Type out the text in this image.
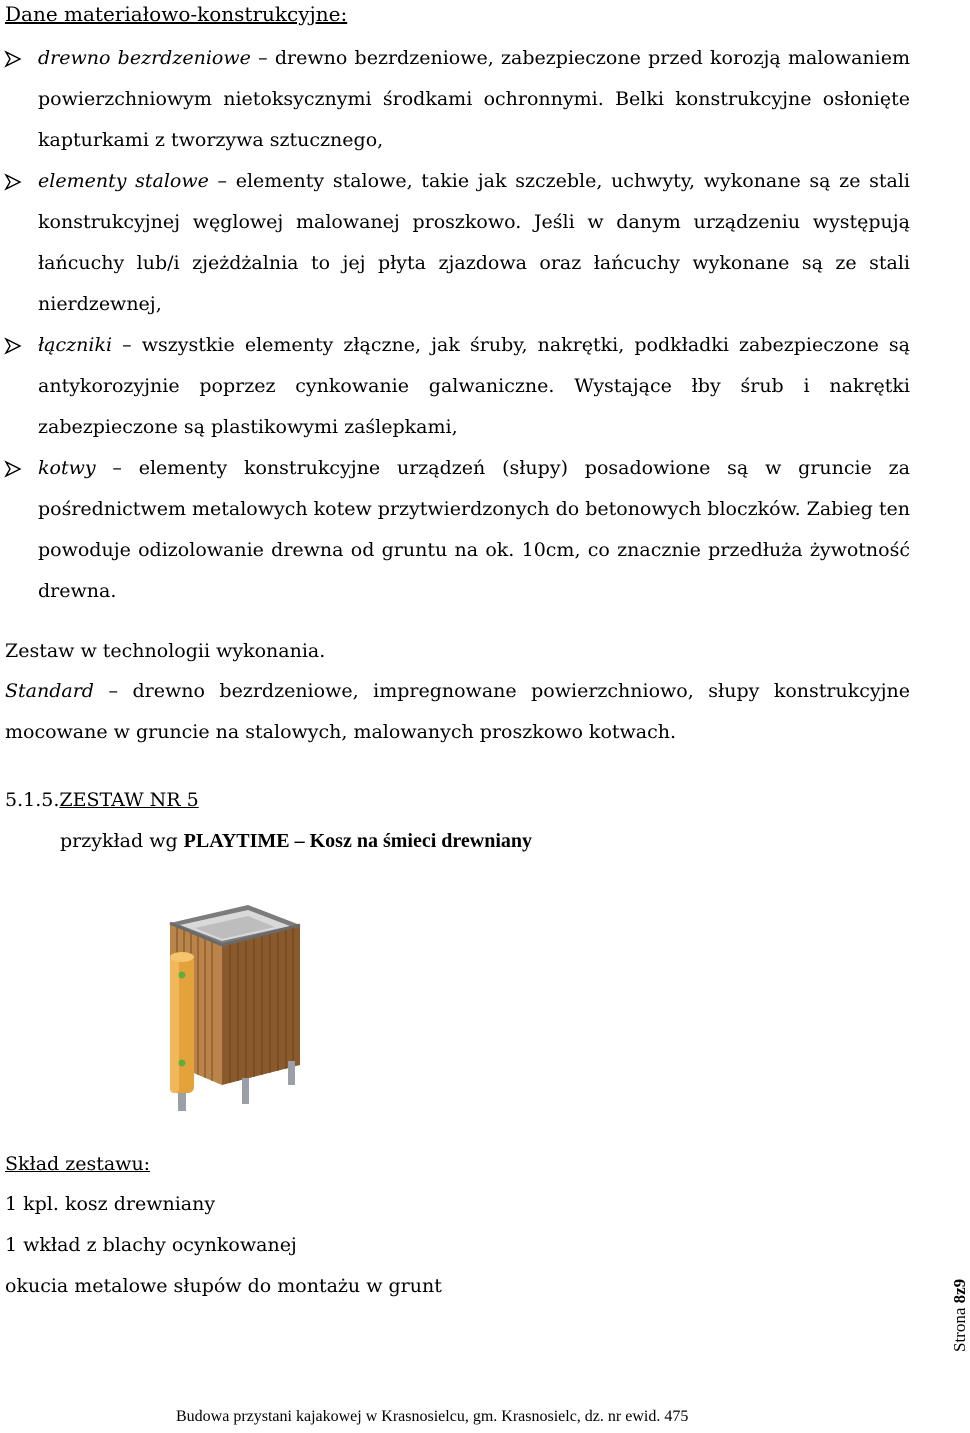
Dane materiałowo-konstrukcyjne:
drewno bezrdzeniowe – drewno bezrdzeniowe, zabezpieczone przed korozją malowaniem powierzchniowym nietoksycznymi środkami ochronnymi. Belki konstrukcyjne osłonięte kapturkami z tworzywa sztucznego,
elementy stalowe – elementy stalowe, takie jak szczeble, uchwyty, wykonane są ze stali konstrukcyjnej węglowej malowanej proszkowo. Jeśli w danym urządzeniu występują łańcuchy lub/i zjeżdżalnia to jej płyta zjazdowa oraz łańcuchy wykonane są ze stali nierdzewnej,
łączniki – wszystkie elementy złączne, jak śruby, nakrętki, podkładki zabezpieczone są antykorozyjnie poprzez cynkowanie galwaniczne. Wystające łby śrub i nakrętki zabezpieczone są plastikowymi zaślepkami,
kotwy – elementy konstrukcyjne urządzeń (słupy) posadowione są w gruncie za pośrednictwem metalowych kotew przytwierdzonych do betonowych bloczków. Zabieg ten powoduje odizolowanie drewna od gruntu na ok. 10cm, co znacznie przedłuża żywotność drewna.
Zestaw w technologii wykonania.

Standard – drewno bezrdzeniowe, impregnowane powierzchniowo, słupy konstrukcyjne mocowane w gruncie na stalowych, malowanych proszkowo kotwach.

5.1.5.ZESTAW NR 5
przykład wg PLAYTIME – Kosz na śmieci drewniany
Skład zestawu:
1 kpl. kosz drewniany
1 wkład z blachy ocynkowanej
okucia metalowe słupów do montażu w grunt
Strona 8z9
Budowa przystani kajakowej w Krasnosielcu, gm. Krasnosielc, dz. nr ewid. 475
